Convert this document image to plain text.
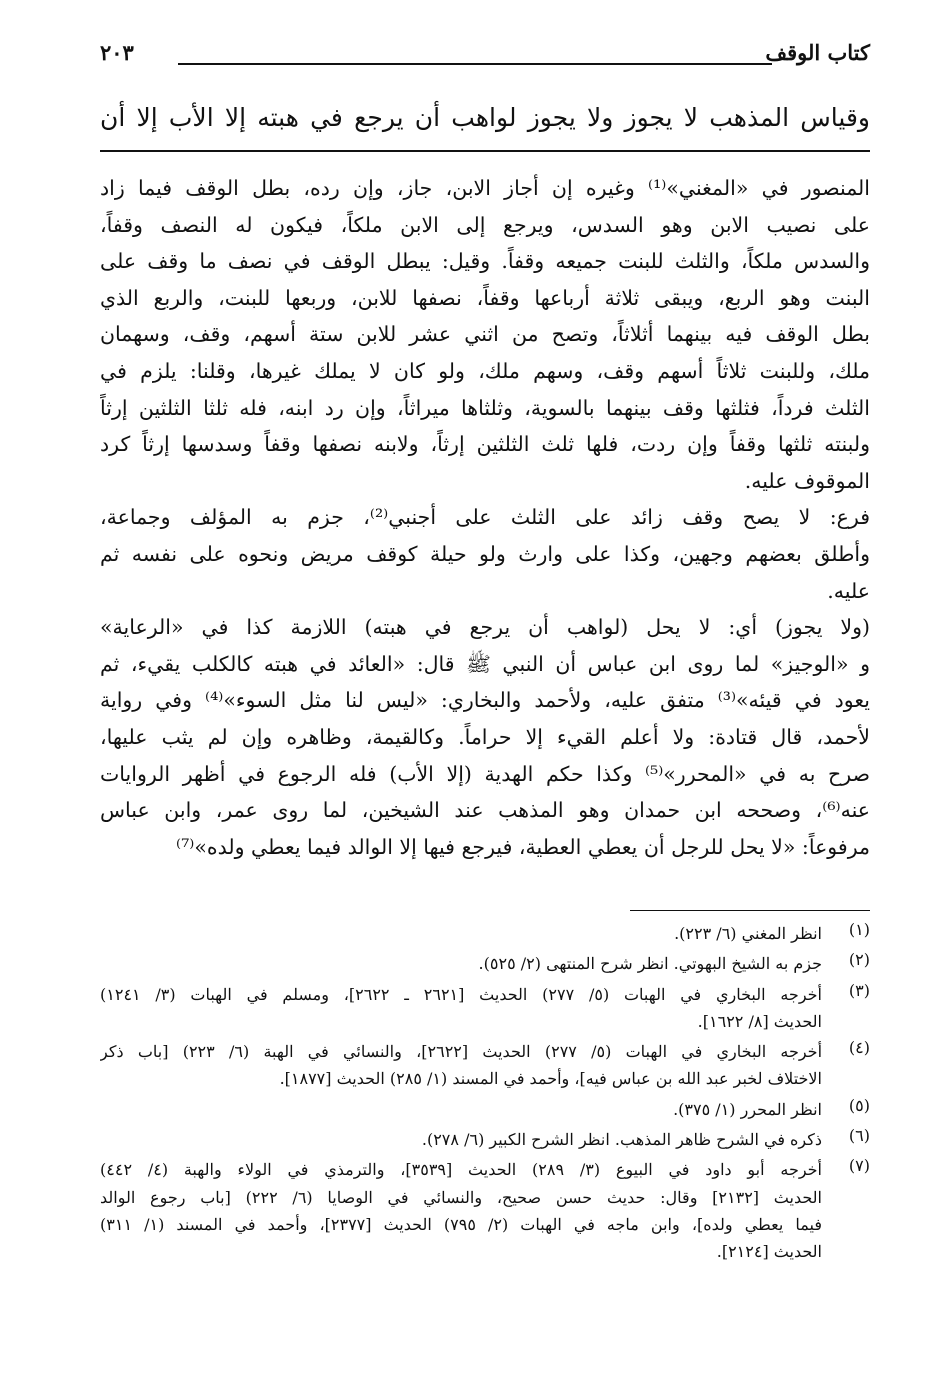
كتاب الوقف
٢٠٣
وقياس المذهب لا يجوز ولا يجوز لواهب أن يرجع في هبته إلا الأب إلا أن
المنصور في «المغني»⁽¹⁾ وغيره إن أجاز الابن، جاز، وإن رده، بطل الوقف فيما زاد
على نصيب الابن وهو السدس، ويرجع إلى الابن ملكاً، فيكون له النصف وقفاً،
والسدس ملكاً، والثلث للبنت جميعه وقفاً. وقيل: يبطل الوقف في نصف ما وقف على
البنت وهو الربع، ويبقى ثلاثة أرباعها وقفاً، نصفها للابن، وربعها للبنت، والربع الذي
بطل الوقف فيه بينهما أثلاثاً، وتصح من اثني عشر للابن ستة أسهم، وقف، وسهمان
ملك، وللبنت ثلاثاً أسهم وقف، وسهم ملك، ولو كان لا يملك غيرها، وقلنا: يلزم في
الثلث فرداً، فثلثها وقف بينهما بالسوية، وثلثاها ميراثاً، وإن رد ابنه، فله ثلثا الثلثين إرثاً
ولبنته ثلثها وقفاً وإن ردت، فلها ثلث الثلثين إرثاً، ولابنه نصفها وقفاً وسدسها إرثاً كرد
الموقوف عليه.
فرع: لا يصح وقف زائد على الثلث على أجنبي⁽²⁾، جزم به المؤلف وجماعة،
وأطلق بعضهم وجهين، وكذا على وارث ولو حيلة كوقف مريض ونحوه على نفسه ثم
عليه.
(ولا يجوز) أي: لا يحل (لواهب أن يرجع في هبته) اللازمة كذا في «الرعاية»
و «الوجيز» لما روى ابن عباس أن النبي ﷺ قال: «العائد في هبته كالكلب يقيء، ثم
يعود في قيئه»⁽³⁾ متفق عليه، ولأحمد والبخاري: «ليس لنا مثل السوء»⁽⁴⁾ وفي رواية
لأحمد، قال قتادة: ولا أعلم القيء إلا حراماً. وكالقيمة، وظاهره وإن لم يثب عليها،
صرح به في «المحرر»⁽⁵⁾ وكذا حكم الهدية (إلا الأب) فله الرجوع في أظهر الروايات
عنه⁽⁶⁾، وصححه ابن حمدان وهو المذهب عند الشيخين، لما روى عمر، وابن عباس
مرفوعاً: «لا يحل للرجل أن يعطي العطية، فيرجع فيها إلا الوالد فيما يعطي ولده»⁽⁷⁾
(١)
انظر المغني (٦/ ٢٢٣).
(٢)
جزم به الشيخ البهوتي. انظر شرح المنتهى (٢/ ٥٢٥).
(٣)
أخرجه البخاري في الهبات (٥/ ٢٧٧) الحديث [٢٦٢١ ـ ٢٦٢٢]، ومسلم في الهبات (٣/ ١٢٤١)
الحديث [٨/ ١٦٢٢].
(٤)
أخرجه البخاري في الهبات (٥/ ٢٧٧) الحديث [٢٦٢٢]، والنسائي في الهبة (٦/ ٢٢٣) [باب ذكر
الاختلاف لخبر عبد الله بن عباس فيه]، وأحمد في المسند (١/ ٢٨٥) الحديث [١٨٧٧].
(٥)
انظر المحرر (١/ ٣٧٥).
(٦)
ذكره في الشرح ظاهر المذهب. انظر الشرح الكبير (٦/ ٢٧٨).
(٧)
أخرجه أبو داود في البيوع (٣/ ٢٨٩) الحديث [٣٥٣٩]، والترمذي في الولاء والهبة (٤/ ٤٤٢)
الحديث [٢١٣٢] وقال: حديث حسن صحيح، والنسائي في الوصايا (٦/ ٢٢٢) [باب رجوع الوالد
فيما يعطي ولده]، وابن ماجه في الهبات (٢/ ٧٩٥) الحديث [٢٣٧٧]، وأحمد في المسند (١/ ٣١١)
الحديث [٢١٢٤].
